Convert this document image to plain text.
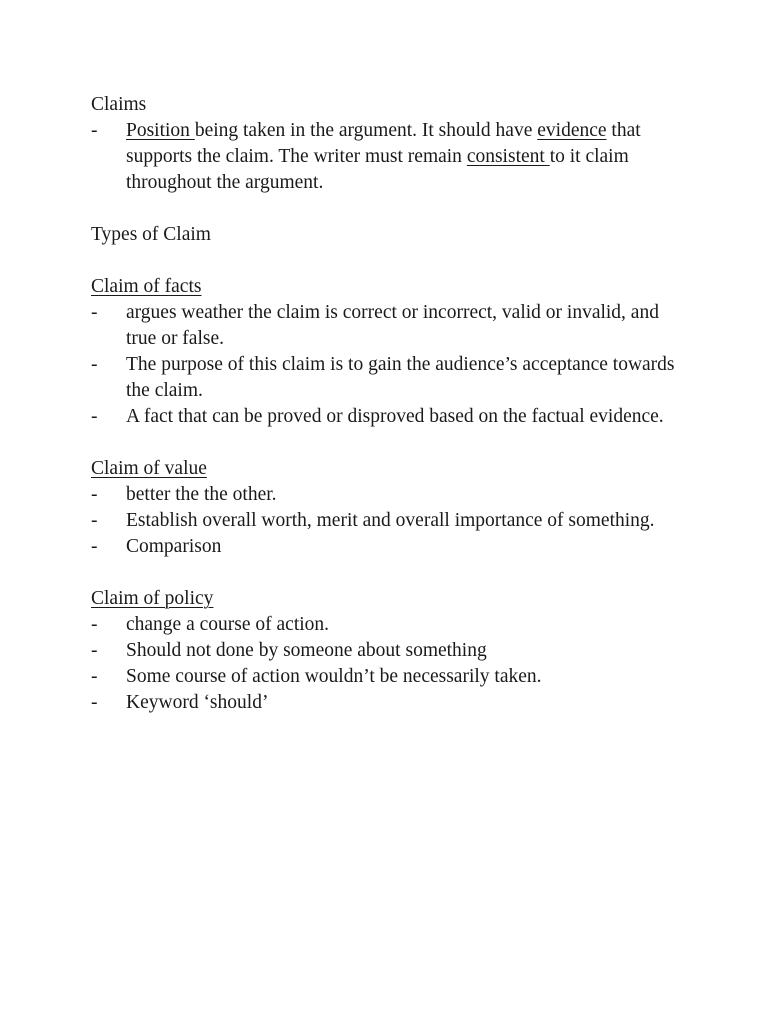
Claims

- Position being taken in the argument. It should have evidence that supports the claim. The writer must remain consistent to it claim throughout the argument.

Types of Claim

Claim of facts

- argues weather the claim is correct or incorrect, valid or invalid, and true or false.
- The purpose of this claim is to gain the audience’s acceptance towards the claim.
- A fact that can be proved or disproved based on the factual evidence.

Claim of value

- better the the other.
- Establish overall worth, merit and overall importance of something.
- Comparison

Claim of policy

- change a course of action.
- Should not done by someone about something
- Some course of action wouldn’t be necessarily taken.
- Keyword ‘should’
